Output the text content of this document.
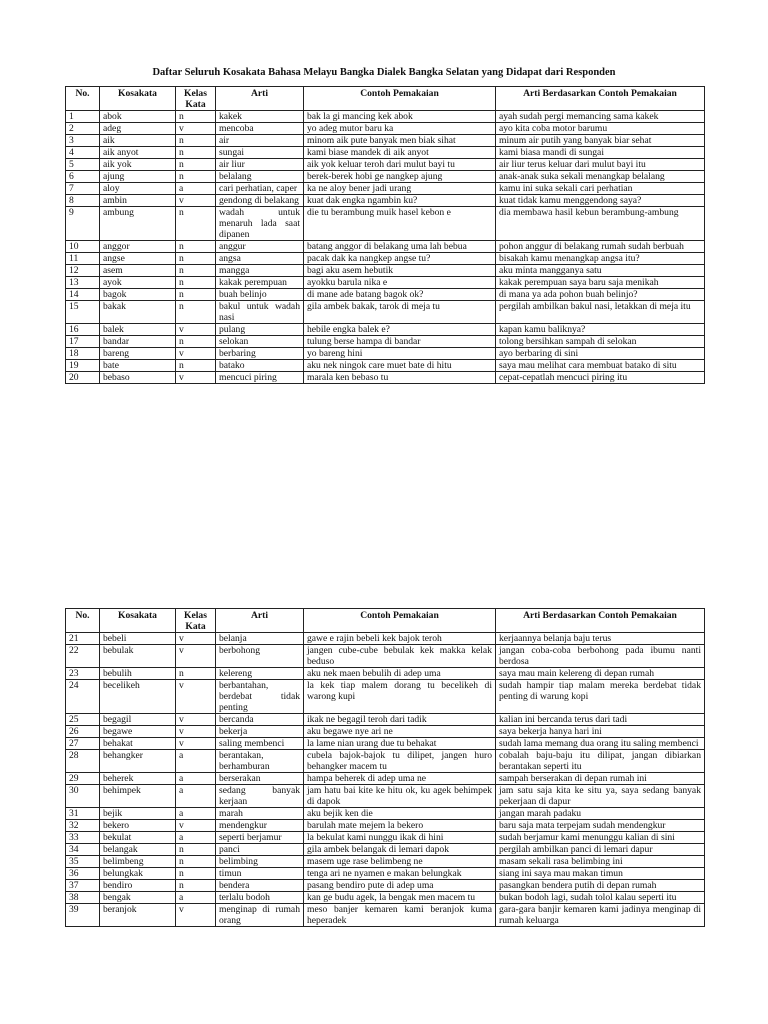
Daftar Seluruh Kosakata Bahasa Melayu Bangka Dialek Bangka Selatan yang Didapat dari Responden
No.	Kosakata	Kelas Kata	Arti	Contoh Pemakaian	Arti Berdasarkan Contoh Pemakaian
1	abok	n	kakek	bak la gi mancing kek abok	ayah sudah pergi memancing sama kakek
2	adeg	v	mencoba	yo adeg mutor baru ka	ayo kita coba motor barumu
3	aik	n	air	minom aik pute banyak men biak sihat	minum air putih yang banyak biar sehat
4	aik anyot	n	sungai	kami biase mandek di aik anyot	kami biasa mandi di sungai
5	aik yok	n	air liur	aik yok keluar teroh dari mulut bayi tu	air liur terus keluar dari mulut bayi itu
6	ajung	n	belalang	berek-berek hobi ge nangkep ajung	anak-anak suka sekali menangkap belalang
7	aloy	a	cari perhatian, caper	ka ne aloy bener jadi urang	kamu ini suka sekali cari perhatian
8	ambin	v	gendong di belakang	kuat dak engka ngambin ku?	kuat tidak kamu menggendong saya?
9	ambung	n	wadah untuk menaruh lada saat dipanen	die tu berambung muik hasel kebon e	dia membawa hasil kebun berambung-ambung
10	anggor	n	anggur	batang anggor di belakang uma lah bebua	pohon anggur di belakang rumah sudah berbuah
11	angse	n	angsa	pacak dak ka nangkep angse tu?	bisakah kamu menangkap angsa itu?
12	asem	n	mangga	bagi aku asem hebutik	aku minta mangganya satu
13	ayok	n	kakak perempuan	ayokku barula nika e	kakak perempuan saya baru saja menikah
14	bagok	n	buah belinjo	di mane ade batang bagok ok?	di mana ya ada pohon buah belinjo?
15	bakak	n	bakul untuk wadah nasi	gila ambek bakak, tarok di meja tu	pergilah ambilkan bakul nasi, letakkan di meja itu
16	balek	v	pulang	hebile engka balek e?	kapan kamu baliknya?
17	bandar	n	selokan	tulung berse hampa di bandar	tolong bersihkan sampah di selokan
18	bareng	v	berbaring	yo bareng hini	ayo berbaring di sini
19	bate	n	batako	aku nek ningok care muet bate di hitu	saya mau melihat cara membuat batako di situ
20	bebaso	v	mencuci piring	marala ken bebaso tu	cepat-cepatlah mencuci piring itu
No.	Kosakata	Kelas Kata	Arti	Contoh Pemakaian	Arti Berdasarkan Contoh Pemakaian
21	bebeli	v	belanja	gawe e rajin bebeli kek bajok teroh	kerjaannya belanja baju terus
22	bebulak	v	berbohong	jangen cube-cube bebulak kek makka kelak beduso	jangan coba-coba berbohong pada ibumu nanti berdosa
23	bebulih	n	kelereng	aku nek maen bebulih di adep uma	saya mau main kelereng di depan rumah
24	becelikeh	v	berbantahan, berdebat tidak penting	la kek tiap malem dorang tu becelikeh di warong kupi	sudah hampir tiap malam mereka berdebat tidak penting di warung kopi
25	begagil	v	bercanda	ikak ne begagil teroh dari tadik	kalian ini bercanda terus dari tadi
26	begawe	v	bekerja	aku begawe nye ari ne	saya bekerja hanya hari ini
27	behakat	v	saling membenci	la lame nian urang due tu behakat	sudah lama memang dua orang itu saling membenci
28	behangker	a	berantakan, berhamburan	cubela bajok-bajok tu dilipet, jangen huro behangker macem tu	cobalah baju-baju itu dilipat, jangan dibiarkan berantakan seperti itu
29	beherek	a	berserakan	hampa beherek di adep uma ne	sampah berserakan di depan rumah ini
30	behimpek	a	sedang banyak kerjaan	jam hatu bai kite ke hitu ok, ku agek behimpek di dapok	jam satu saja kita ke situ ya, saya sedang banyak pekerjaan di dapur
31	bejik	a	marah	aku bejik ken die	jangan marah padaku
32	bekero	v	mendengkur	barulah mate mejem la bekero	baru saja mata terpejam sudah mendengkur
33	bekulat	a	seperti berjamur	la bekulat kami nunggu ikak di hini	sudah berjamur kami menunggu kalian di sini
34	belangak	n	panci	gila ambek belangak di lemari dapok	pergilah ambilkan panci di lemari dapur
35	belimbeng	n	belimbing	masem uge rase belimbeng ne	masam sekali rasa belimbing ini
36	belungkak	n	timun	tenga ari ne nyamen e makan belungkak	siang ini saya mau makan timun
37	bendiro	n	bendera	pasang bendiro pute di adep uma	pasangkan bendera putih di depan rumah
38	bengak	a	terlalu bodoh	kan ge budu agek, la bengak men macem tu	bukan bodoh lagi, sudah tolol kalau seperti itu
39	beranjok	v	menginap di rumah orang	meso banjer kemaren kami beranjok kuma heperadek	gara-gara banjir kemaren kami jadinya menginap di rumah keluarga
